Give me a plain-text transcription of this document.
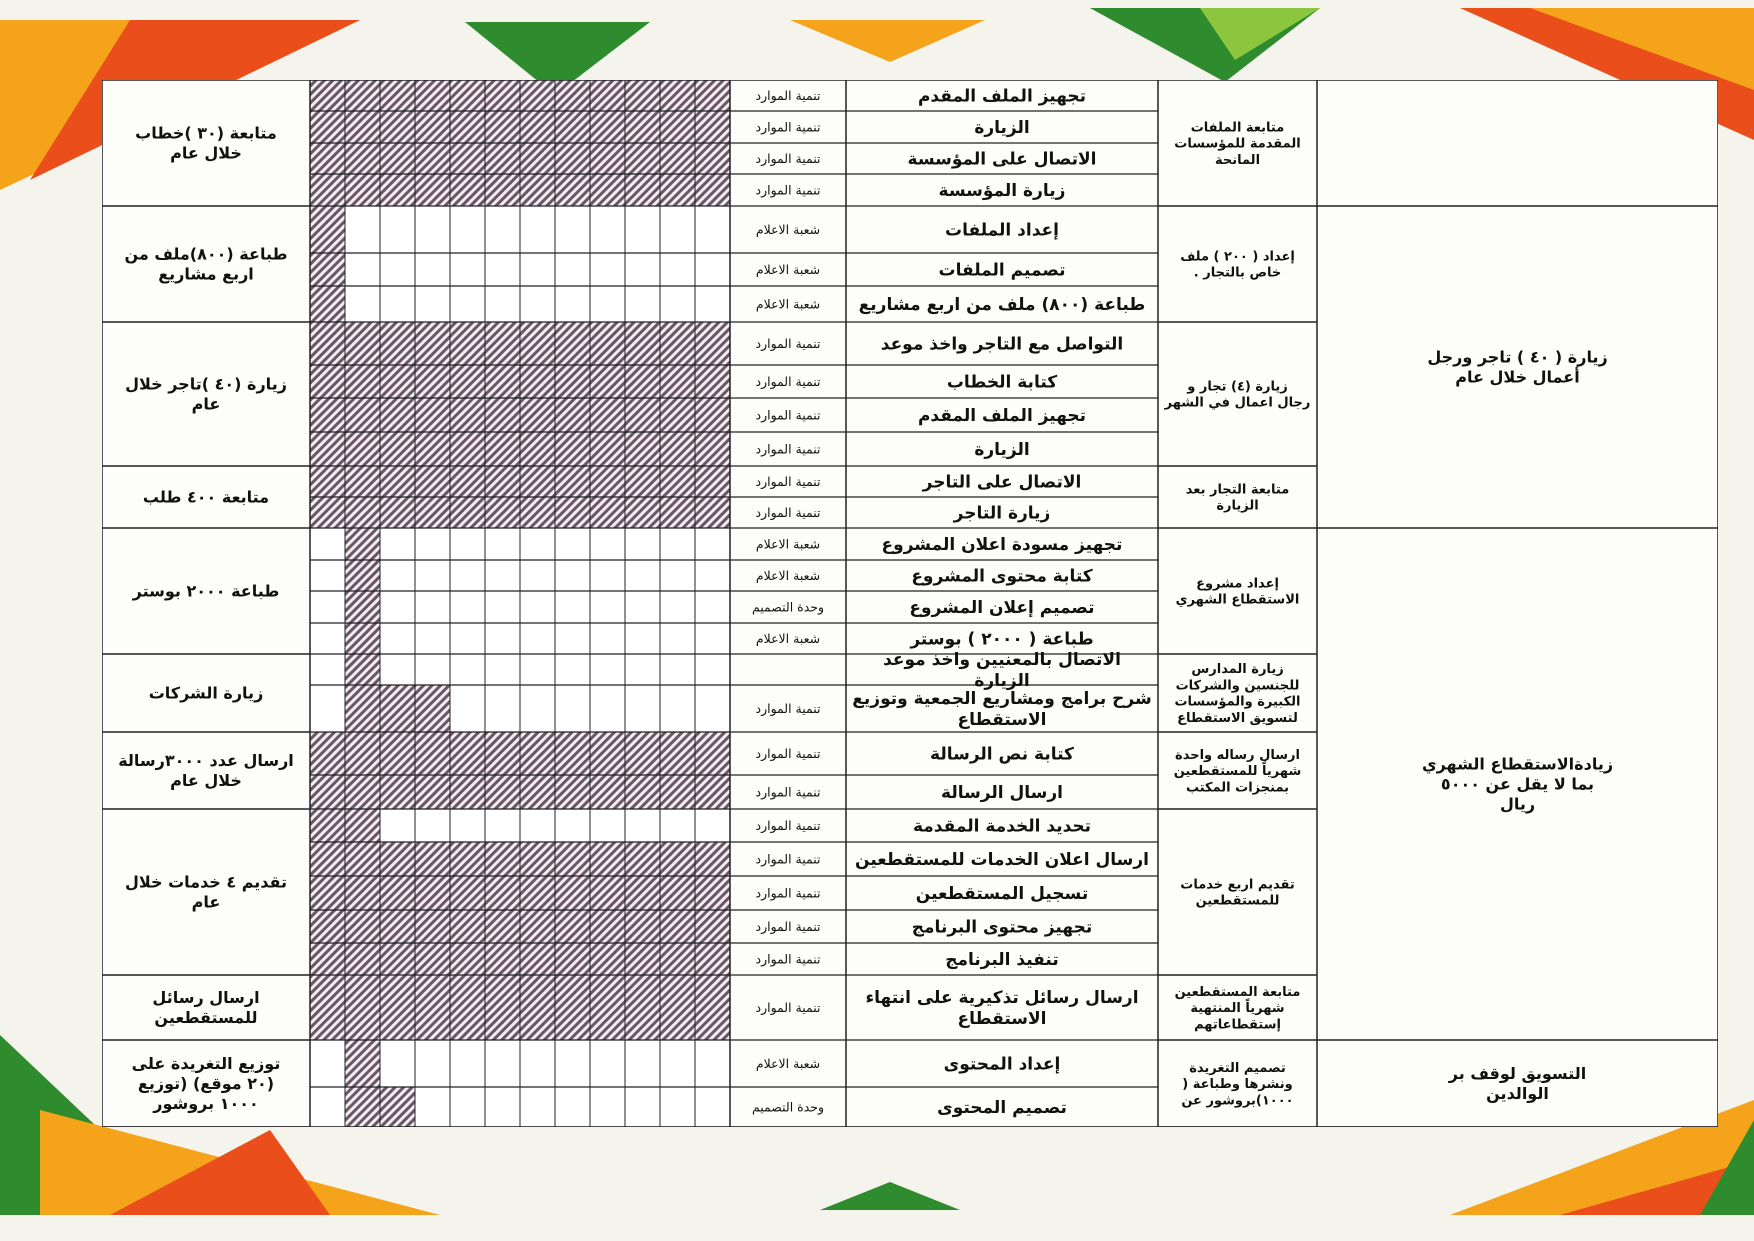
تجهيز الملف المقدم
تنمية الموارد
الزيارة
تنمية الموارد
الاتصال على المؤسسة
تنمية الموارد
زيارة المؤسسة
تنمية الموارد
إعداد الملفات
شعبة الاعلام
تصميم الملفات
شعبة الاعلام
طباعة (٨٠٠) ملف من اربع مشاريع
شعبة الاعلام
التواصل مع التاجر واخذ موعد
تنمية الموارد
كتابة الخطاب
تنمية الموارد
تجهيز الملف المقدم
تنمية الموارد
الزيارة
تنمية الموارد
الاتصال على التاجر
تنمية الموارد
زيارة التاجر
تنمية الموارد
تجهيز مسودة اعلان المشروع
شعبة الاعلام
كتابة محتوى المشروع
شعبة الاعلام
تصميم إعلان المشروع
وحدة التصميم
طباعة ( ٢٠٠٠ ) بوستر
شعبة الاعلام
الاتصال بالمعنيين واخذ موعد الزيارة
شرح برامج ومشاريع الجمعية وتوزيع الاستقطاع
تنمية الموارد
كتابة نص الرسالة
تنمية الموارد
ارسال الرسالة
تنمية الموارد
تحديد الخدمة المقدمة
تنمية الموارد
ارسال اعلان الخدمات للمستقطعين
تنمية الموارد
تسجيل المستقطعين
تنمية الموارد
تجهيز محتوى البرنامج
تنمية الموارد
تنفيذ البرنامج
تنمية الموارد
ارسال رسائل تذكيرية على انتهاء الاستقطاع
تنمية الموارد
إعداد المحتوى
شعبة الاعلام
تصميم المحتوى
وحدة التصميم
متابعة (٣٠ )خطاب خلال عام
طباعة (٨٠٠)ملف من اربع مشاريع
زيارة (٤٠ )تاجر خلال عام
متابعة ٤٠٠ طلب
طباعة ٢٠٠٠ بوستر
زيارة الشركات
ارسال عدد ٣٠٠٠رسالة خلال عام
تقديم ٤ خدمات خلال عام
ارسال رسائل للمستقطعين
توزيع التغريدة على (٢٠ موقع) (توزيع ١٠٠٠ بروشور
متابعة الملفات المقدمة للمؤسسات المانحة
إعداد ( ٢٠٠ ) ملف خاص بالتجار .
زيارة (٤) تجار و رجال اعمال في الشهر
متابعة التجار بعد الزيارة
إعداد مشروع الاستقطاع الشهري
زيارة المدارس للجنسين والشركات الكبيرة والمؤسسات لتسويق الاستقطاع
ارسال رساله واحدة شهرياً للمستقطعين بمنجزات المكتب
تقديم اربع خدمات للمستقطعين
متابعة المستقطعين شهرياً المنتهية إستقطاعاتهم
تصميم التغريدة ونشرها وطباعة ( ١٠٠٠)بروشور عن
زيارة ( ٤٠ ) تاجر ورجل أعمال خلال عام
زيادةالاستقطاع الشهري بما لا يقل عن ٥٠٠٠ ريال
التسويق لوقف بر الوالدين
